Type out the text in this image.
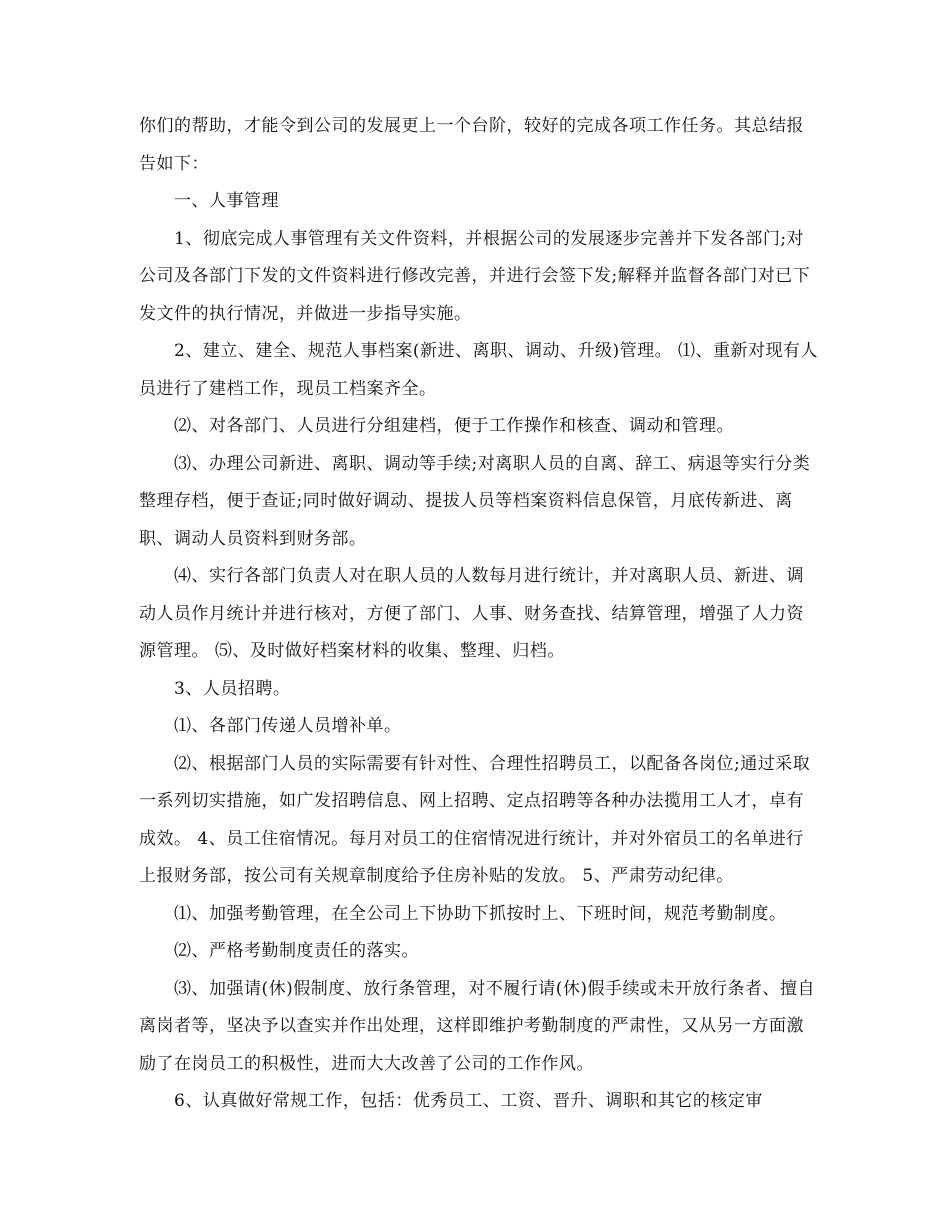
你们的帮助，才能令到公司的发展更上一个台阶，较好的完成各项工作任务。其总结报告如下：

一、人事管理

1、彻底完成人事管理有关文件资料，并根据公司的发展逐步完善并下发各部门;对公司及各部门下发的文件资料进行修改完善，并进行会签下发;解释并监督各部门对已下发文件的执行情况，并做进一步指导实施。

2、建立、建全、规范人事档案(新进、离职、调动、升级)管理。 ⑴、重新对现有人员进行了建档工作，现员工档案齐全。

⑵、对各部门、人员进行分组建档，便于工作操作和核查、调动和管理。

⑶、办理公司新进、离职、调动等手续;对离职人员的自离、辞工、病退等实行分类整理存档，便于查证;同时做好调动、提拔人员等档案资料信息保管，月底传新进、离职、调动人员资料到财务部。

⑷、实行各部门负责人对在职人员的人数每月进行统计，并对离职人员、新进、调动人员作月统计并进行核对，方便了部门、人事、财务查找、结算管理，增强了人力资源管理。 ⑸、及时做好档案材料的收集、整理、归档。

3、人员招聘。

⑴、各部门传递人员增补单。

⑵、根据部门人员的实际需要有针对性、合理性招聘员工，以配备各岗位;通过采取一系列切实措施，如广发招聘信息、网上招聘、定点招聘等各种办法揽用工人才，卓有成效。 4、员工住宿情况。每月对员工的住宿情况进行统计，并对外宿员工的名单进行上报财务部，按公司有关规章制度给予住房补贴的发放。 5、严肃劳动纪律。

⑴、加强考勤管理，在全公司上下协助下抓按时上、下班时间，规范考勤制度。

⑵、严格考勤制度责任的落实。

⑶、加强请(休)假制度、放行条管理，对不履行请(休)假手续或未开放行条者、擅自离岗者等，坚决予以查实并作出处理，这样即维护考勤制度的严肃性，又从另一方面激励了在岗员工的积极性，进而大大改善了公司的工作作风。

6、认真做好常规工作，包括：优秀员工、工资、晋升、调职和其它的核定审
